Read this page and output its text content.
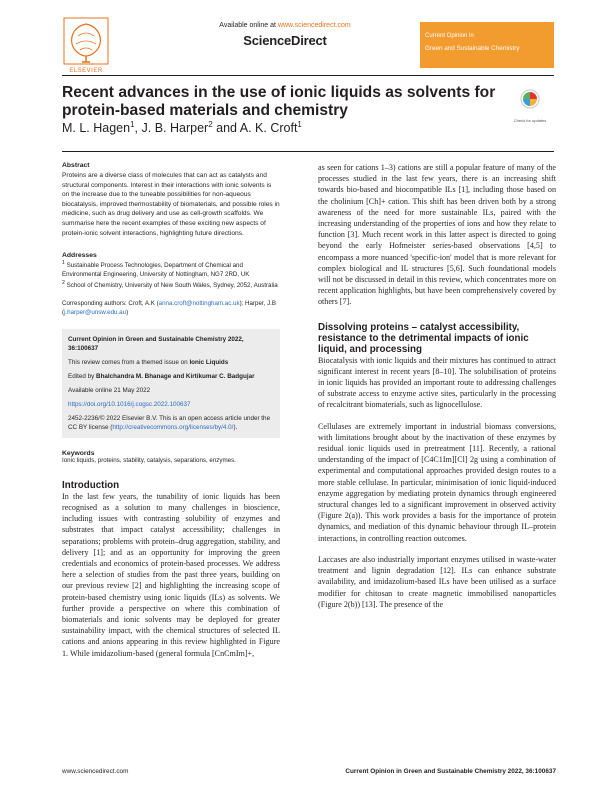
ELSEVIER
Available online at www.sciencedirect.com
ScienceDirect	Current Opinion in
Green and Sustainable Chemistry
Recent advances in the use of ionic liquids as solvents for protein-based materials and chemistry
Check for updates
M. L. Hagen$^1$, J. B. Harper$^2$ and A. K. Croft$^1$

Abstract

Proteins are a diverse class of molecules that can act as catalysts and structural components. Interest in their interactions with ionic solvents is on the increase due to the tuneable possibilities for non-aqueous biocatalysis, improved thermostability of biomaterials, and possible roles in medicine, such as drug delivery and use as cell-growth scaffolds. We summarise here the recent examples of these exciting new aspects of protein-ionic solvent interactions, highlighting future directions.

Addresses

$^1$ Sustainable Process Technologies, Department of Chemical and Environmental Engineering, University of Nottingham, NG7 2RD, UK
$^2$ School of Chemistry, University of New South Wales, Sydney, 2052, Australia
Corresponding authors: Croft, A.K (anna.croft@nottingham.ac.uk); Harper, J.B (j.harper@unsw.edu.au)

Current Opinion in Green and Sustainable Chemistry 2022, 36:100637

This review comes from a themed issue on Ionic Liquids

Edited by Bhalchandra M. Bhanage and Kirtikumar C. Badgujar

Available online 21 May 2022

https://doi.org/10.1016/j.cogsc.2022.100637

2452-2236/© 2022 Elsevier B.V. This is an open access article under the CC BY license (http://creativecommons.org/licenses/by/4.0/).

Keywords

Ionic liquids, proteins, stability, catalysis, separations, enzymes.

Introduction

In the last few years, the tunability of ionic liquids has been recognised as a solution to many challenges in bioscience, including issues with contrasting solubility of enzymes and substrates that impact catalyst accessibility; challenges in separations; problems with protein–drug aggregation, stability, and delivery [1]; and as an opportunity for improving the green credentials and economics of protein-based processes. We address here a selection of studies from the past three years, building on our previous review [2] and highlighting the increasing scope of protein-based chemistry using ionic liquids (ILs) as solvents. We further provide a perspective on where this combination of biomaterials and ionic solvents may be deployed for greater sustainability impact, with the chemical structures of selected IL cations and anions appearing in this review highlighted in Figure 1. While imidazolium-based (general formula [CnCmIm]+,

as seen for cations 1–3) cations are still a popular feature of many of the processes studied in the last few years, there is an increasing shift towards bio-based and biocompatible ILs [1], including those based on the cholinium [Ch]+ cation. This shift has been driven both by a strong awareness of the need for more sustainable ILs, paired with the increasing understanding of the properties of ions and how they relate to function [3]. Much recent work in this latter aspect is directed to going beyond the early Hofmeister series-based observations [4,5] to encompass a more nuanced 'specific-ion' model that is more relevant for complex biological and IL structures [5,6]. Such foundational models will not be discussed in detail in this review, which concentrates more on recent application highlights, but have been comprehensively covered by others [7].

Dissolving proteins – catalyst accessibility, resistance to the detrimental impacts of ionic liquid, and processing

Biocatalysis with ionic liquids and their mixtures has continued to attract significant interest in recent years [8–10]. The solubilisation of proteins in ionic liquids has provided an important route to addressing challenges of substrate access to enzyme active sites, particularly in the processing of recalcitrant biomaterials, such as lignocellulose.

Cellulases are extremely important in industrial biomass conversions, with limitations brought about by the inactivation of these enzymes by residual ionic liquids used in pretreatment [11]. Recently, a rational understanding of the impact of [C4C1Im][Cl] 2g using a combination of experimental and computational approaches provided design routes to a more stable cellulase. In particular, minimisation of ionic liquid-induced enzyme aggregation by mediating protein dynamics through engineered structural changes led to a significant improvement in observed activity (Figure 2(a)). This work provides a basis for the importance of protein dynamics, and mediation of this dynamic behaviour through IL–protein interactions, in controlling reaction outcomes.

Laccases are also industrially important enzymes utilised in waste-water treatment and lignin degradation [12]. ILs can enhance substrate availability, and imidazolium-based ILs have been utilised as a surface modifier for chitosan to create magnetic immobilised nanoparticles (Figure 2(b)) [13]. The presence of the

www.sciencedirect.com	Current Opinion in Green and Sustainable Chemistry 2022, 36:100637
